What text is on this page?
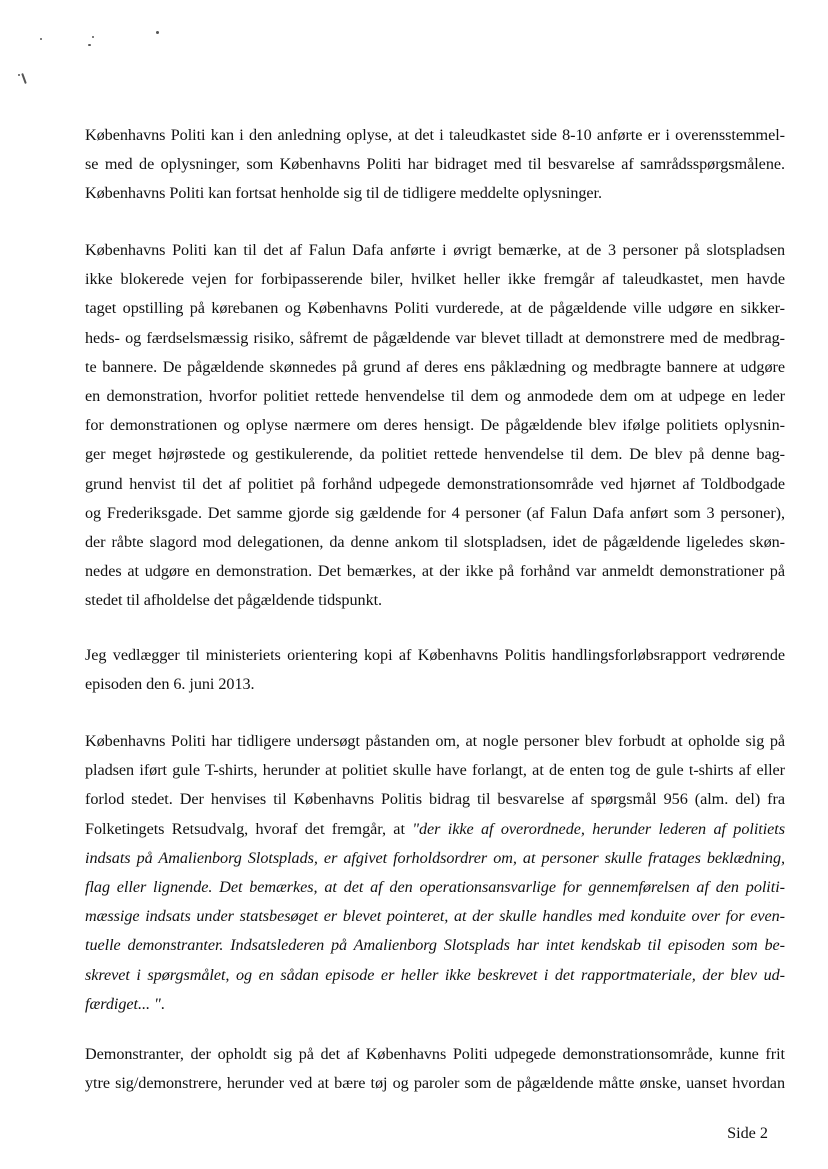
Københavns Politi kan i den anledning oplyse, at det i taleudkastet side 8-10 anførte er i overensstemmel-
se med de oplysninger, som Københavns Politi har bidraget med til besvarelse af samrådsspørgsmålene.
Københavns Politi kan fortsat henholde sig til de tidligere meddelte oplysninger.
Københavns Politi kan til det af Falun Dafa anførte i øvrigt bemærke, at de 3 personer på slotspladsen
ikke blokerede vejen for forbipasserende biler, hvilket heller ikke fremgår af taleudkastet, men havde
taget opstilling på kørebanen og Københavns Politi vurderede, at de pågældende ville udgøre en sikker-
heds- og færdselsmæssig risiko, såfremt de pågældende var blevet tilladt at demonstrere med de medbrag-
te bannere. De pågældende skønnedes på grund af deres ens påklædning og medbragte bannere at udgøre
en demonstration, hvorfor politiet rettede henvendelse til dem og anmodede dem om at udpege en leder
for demonstrationen og oplyse nærmere om deres hensigt. De pågældende blev ifølge politiets oplysnin-
ger meget højrøstede og gestikulerende, da politiet rettede henvendelse til dem. De blev på denne bag-
grund henvist til det af politiet på forhånd udpegede demonstrationsområde ved hjørnet af Toldbodgade
og Frederiksgade. Det samme gjorde sig gældende for 4 personer (af Falun Dafa anført som 3 personer),
der råbte slagord mod delegationen, da denne ankom til slotspladsen, idet de pågældende ligeledes skøn-
nedes at udgøre en demonstration. Det bemærkes, at der ikke på forhånd var anmeldt demonstrationer på
stedet til afholdelse det pågældende tidspunkt.
Jeg vedlægger til ministeriets orientering kopi af Københavns Politis handlingsforløbsrapport vedrørende
episoden den 6. juni 2013.
Københavns Politi har tidligere undersøgt påstanden om, at nogle personer blev forbudt at opholde sig på
pladsen iført gule T-shirts, herunder at politiet skulle have forlangt, at de enten tog de gule t-shirts af eller
forlod stedet. Der henvises til Københavns Politis bidrag til besvarelse af spørgsmål 956 (alm. del) fra
Folketingets Retsudvalg, hvoraf det fremgår, at "der ikke af overordnede, herunder lederen af politiets
indsats på Amalienborg Slotsplads, er afgivet forholdsordrer om, at personer skulle fratages beklædning,
flag eller lignende. Det bemærkes, at det af den operationsansvarlige for gennemførelsen af den politi-
mæssige indsats under statsbesøget er blevet pointeret, at der skulle handles med konduite over for even-
tuelle demonstranter. Indsatslederen på Amalienborg Slotsplads har intet kendskab til episoden som be-
skrevet i spørgsmålet, og en sådan episode er heller ikke beskrevet i det rapportmateriale, der blev ud-
færdiget... ".
Demonstranter, der opholdt sig på det af Københavns Politi udpegede demonstrationsområde, kunne frit
ytre sig/demonstrere, herunder ved at bære tøj og paroler som de pågældende måtte ønske, uanset hvordan
Side 2
